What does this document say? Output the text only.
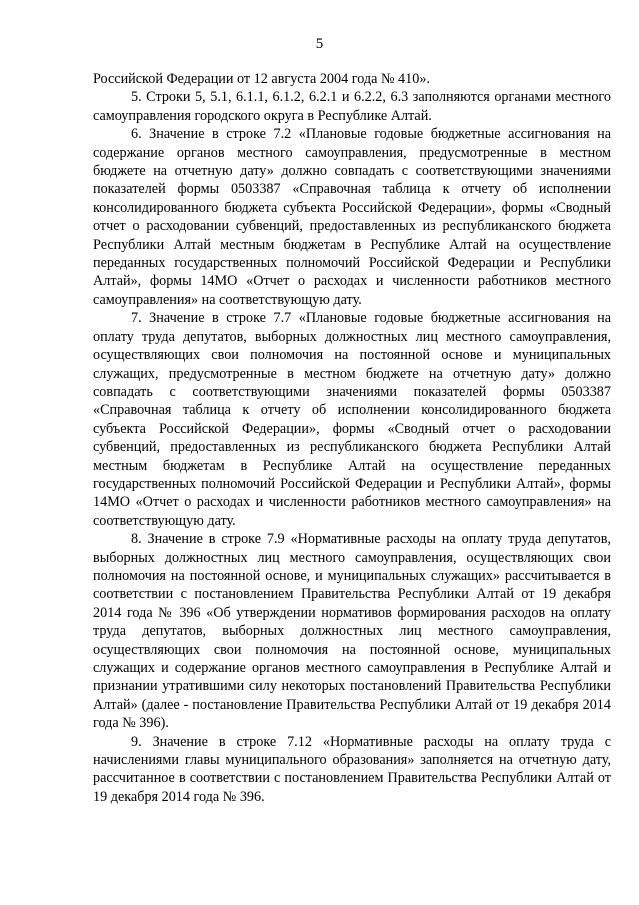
5

Российской Федерации от 12 августа 2004 года № 410».

5. Строки 5, 5.1, 6.1.1, 6.1.2, 6.2.1 и 6.2.2, 6.3 заполняются органами местного самоуправления городского округа в Республике Алтай.

6. Значение в строке 7.2 «Плановые годовые бюджетные ассигнования на содержание органов местного самоуправления, предусмотренные в местном бюджете на отчетную дату» должно совпадать с соответствующими значениями показателей формы 0503387 «Справочная таблица к отчету об исполнении консолидированного бюджета субъекта Российской Федерации», формы «Сводный отчет о расходовании субвенций, предоставленных из республиканского бюджета Республики Алтай местным бюджетам в Республике Алтай на осуществление переданных государственных полномочий Российской Федерации и Республики Алтай», формы 14МО «Отчет о расходах и численности работников местного самоуправления» на соответствующую дату.

7. Значение в строке 7.7 «Плановые годовые бюджетные ассигнования на оплату труда депутатов, выборных должностных лиц местного самоуправления, осуществляющих свои полномочия на постоянной основе и муниципальных служащих, предусмотренные в местном бюджете на отчетную дату» должно совпадать с соответствующими значениями показателей формы 0503387 «Справочная таблица к отчету об исполнении консолидированного бюджета субъекта Российской Федерации», формы «Сводный отчет о расходовании субвенций, предоставленных из республиканского бюджета Республики Алтай местным бюджетам в Республике Алтай на осуществление переданных государственных полномочий Российской Федерации и Республики Алтай», формы 14МО «Отчет о расходах и численности работников местного самоуправления» на соответствующую дату.

8. Значение в строке 7.9 «Нормативные расходы на оплату труда депутатов, выборных должностных лиц местного самоуправления, осуществляющих свои полномочия на постоянной основе, и муниципальных служащих» рассчитывается в соответствии с постановлением Правительства Республики Алтай от 19 декабря 2014 года № 396 «Об утверждении нормативов формирования расходов на оплату труда депутатов, выборных должностных лиц местного самоуправления, осуществляющих свои полномочия на постоянной основе, муниципальных служащих и содержание органов местного самоуправления в Республике Алтай и признании утратившими силу некоторых постановлений Правительства Республики Алтай» (далее - постановление Правительства Республики Алтай от 19 декабря 2014 года № 396).

9. Значение в строке 7.12 «Нормативные расходы на оплату труда с начислениями главы муниципального образования» заполняется на отчетную дату, рассчитанное в соответствии с постановлением Правительства Республики Алтай от 19 декабря 2014 года № 396.
